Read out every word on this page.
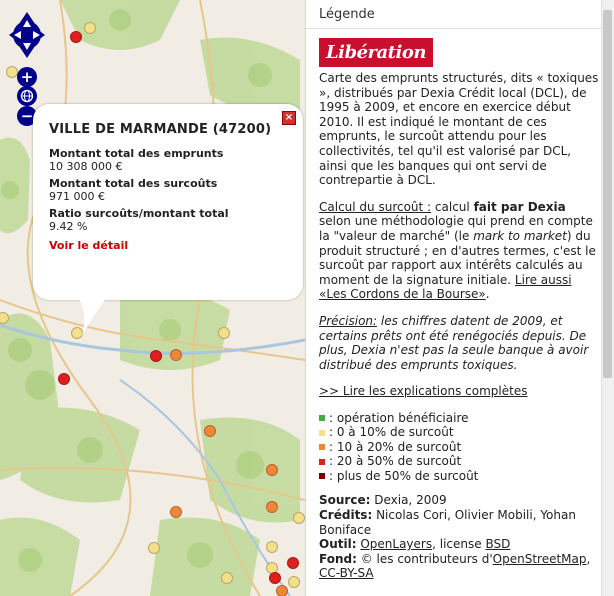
+
−	×
VILLE DE MARMANDE (47200)
Montant total des emprunts
10 308 000 €
Montant total des surcoûts
971 000 €
Ratio surcoûts/montant total
9.42 %
Voir le détail
Légende
Libération

Carte des emprunts structurés, dits « toxiques », distribués par Dexia Crédit local (DCL), de 1995 à 2009, et encore en exercice début 2010. Il est indiqué le montant de ces emprunts, le surcoût attendu pour les collectivités, tel qu'il est valorisé par DCL, ainsi que les banques qui ont servi de contrepartie à DCL.

Calcul du surcoût : calcul fait par Dexia selon une méthodologie qui prend en compte la "valeur de marché" (le mark to market) du produit structuré ; en d'autres termes, c'est le surcoût par rapport aux intérêts calculés au moment de la signature initiale. Lire aussi «Les Cordons de la Bourse».

Précision: les chiffres datent de 2009, et certains prêts ont été renégociés depuis. De plus, Dexia n'est pas la seule banque à avoir distribué des emprunts toxiques.

>> Lire les explications complètes

: opération bénéficiaire
: 0 à 10% de surcoût
: 10 à 20% de surcoût
: 20 à 50% de surcoût
: plus de 50% de surcoût
Source: Dexia, 2009
Crédits: Nicolas Cori, Olivier Mobili, Yohan Boniface
Outil: OpenLayers, license BSD
Fond: © les contributeurs d'OpenStreetMap, CC-BY-SA
